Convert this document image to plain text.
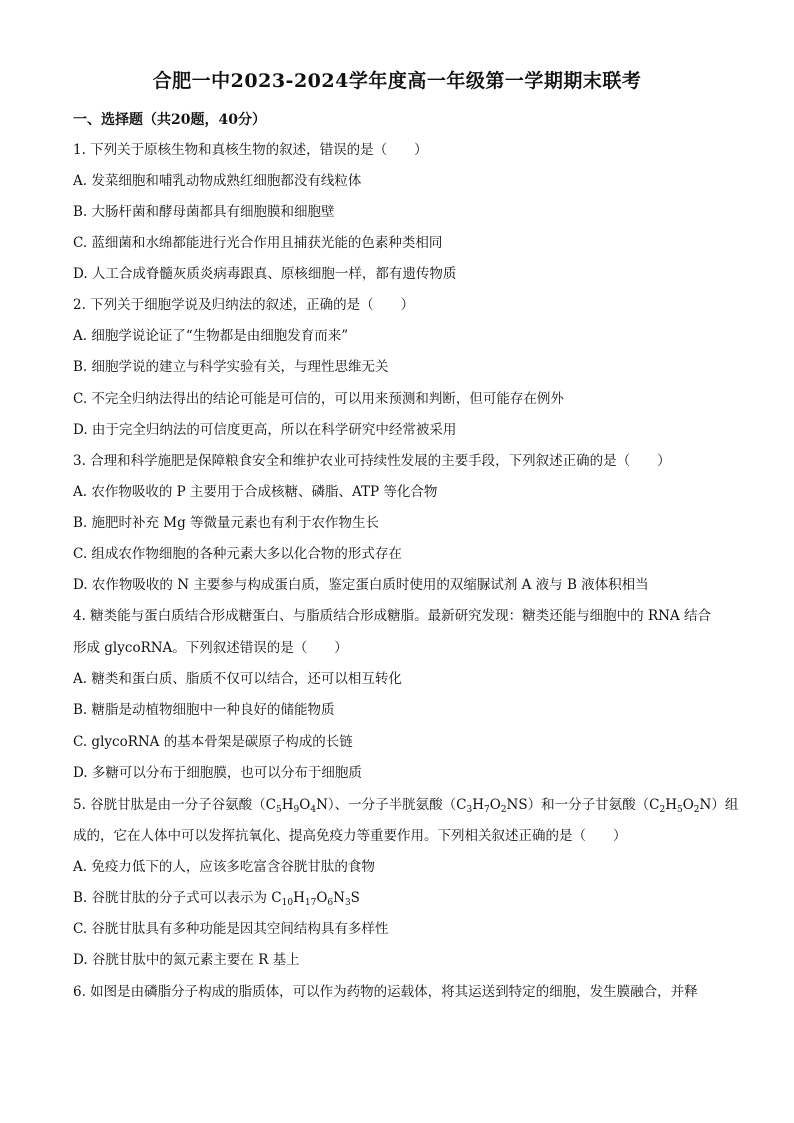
合肥一中2023-2024学年度高一年级第一学期期末联考
一、选择题（共20题，40分）
1. 下列关于原核生物和真核生物的叙述，错误的是（　　）
A. 发菜细胞和哺乳动物成熟红细胞都没有线粒体
B. 大肠杆菌和酵母菌都具有细胞膜和细胞壁
C. 蓝细菌和水绵都能进行光合作用且捕获光能的色素种类相同
D. 人工合成脊髓灰质炎病毒跟真、原核细胞一样，都有遗传物质
2. 下列关于细胞学说及归纳法的叙述，正确的是（　　）
A. 细胞学说论证了“生物都是由细胞发育而来”
B. 细胞学说的建立与科学实验有关，与理性思维无关
C. 不完全归纳法得出的结论可能是可信的，可以用来预测和判断，但可能存在例外
D. 由于完全归纳法的可信度更高，所以在科学研究中经常被采用
3. 合理和科学施肥是保障粮食安全和维护农业可持续性发展的主要手段，下列叙述正确的是（　　）
A. 农作物吸收的 P 主要用于合成核糖、磷脂、ATP 等化合物
B. 施肥时补充 Mg 等微量元素也有利于农作物生长
C. 组成农作物细胞的各种元素大多以化合物的形式存在
D. 农作物吸收的 N 主要参与构成蛋白质，鉴定蛋白质时使用的双缩脲试剂 A 液与 B 液体积相当
4. 糖类能与蛋白质结合形成糖蛋白、与脂质结合形成糖脂。最新研究发现：糖类还能与细胞中的 RNA 结合
形成 glycoRNA。下列叙述错误的是（　　）
A. 糖类和蛋白质、脂质不仅可以结合，还可以相互转化
B. 糖脂是动植物细胞中一种良好的储能物质
C. glycoRNA 的基本骨架是碳原子构成的长链
D. 多糖可以分布于细胞膜，也可以分布于细胞质
5. 谷胱甘肽是由一分子谷氨酸$(C_5H_9O_4N)$、一分子半胱氨酸$(C_3H_7O_2NS)$和一分子甘氨酸$(C_2H_5O_2N)$组
成的，它在人体中可以发挥抗氧化、提高免疫力等重要作用。下列相关叙述正确的是（　　）
A. 免疫力低下的人，应该多吃富含谷胱甘肽的食物
B. 谷胱甘肽的分子式可以表示为 $C_{10}H_{17}O_6N_3S$
C. 谷胱甘肽具有多种功能是因其空间结构具有多样性
D. 谷胱甘肽中的氮元素主要在 R 基上
6. 如图是由磷脂分子构成的脂质体，可以作为药物的运载体，将其运送到特定的细胞，发生膜融合，并释
